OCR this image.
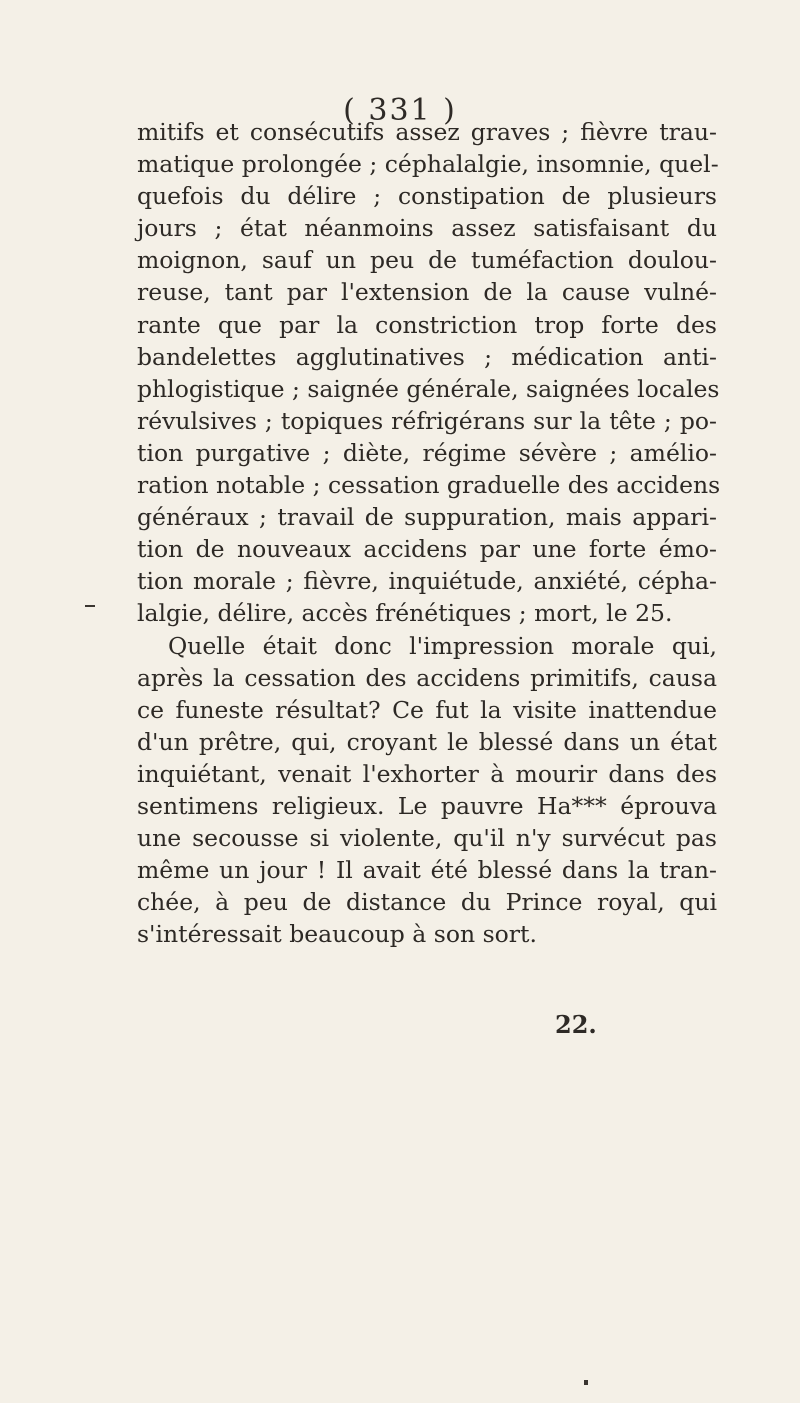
( 331 )
mitifs et consécutifs assez graves ; fièvre trau-
matique prolongée ; céphalalgie, insomnie, quel-
quefois du délire ; constipation de plusieurs
jours ; état néanmoins assez satisfaisant du
moignon, sauf un peu de tuméfaction doulou-
reuse, tant par l'extension de la cause vulné-
rante que par la constriction trop forte des
bandelettes agglutinatives ; médication anti-
phlogistique ; saignée générale, saignées locales
révulsives ; topiques réfrigérans sur la tête ; po-
tion purgative ; diète, régime sévère ; amélio-
ration notable ; cessation graduelle des accidens
généraux ; travail de suppuration, mais appari-
tion de nouveaux accidens par une forte émo-
tion morale ; fièvre, inquiétude, anxiété, cépha-
lalgie, délire, accès frénétiques ; mort, le 25.
Quelle était donc l'impression morale qui,
après la cessation des accidens primitifs, causa
ce funeste résultat? Ce fut la visite inattendue
d'un prêtre, qui, croyant le blessé dans un état
inquiétant, venait l'exhorter à mourir dans des
sentimens religieux. Le pauvre Ha*** éprouva
une secousse si violente, qu'il n'y survécut pas
même un jour ! Il avait été blessé dans la tran-
chée, à peu de distance du Prince royal, qui
s'intéressait beaucoup à son sort.
22.
